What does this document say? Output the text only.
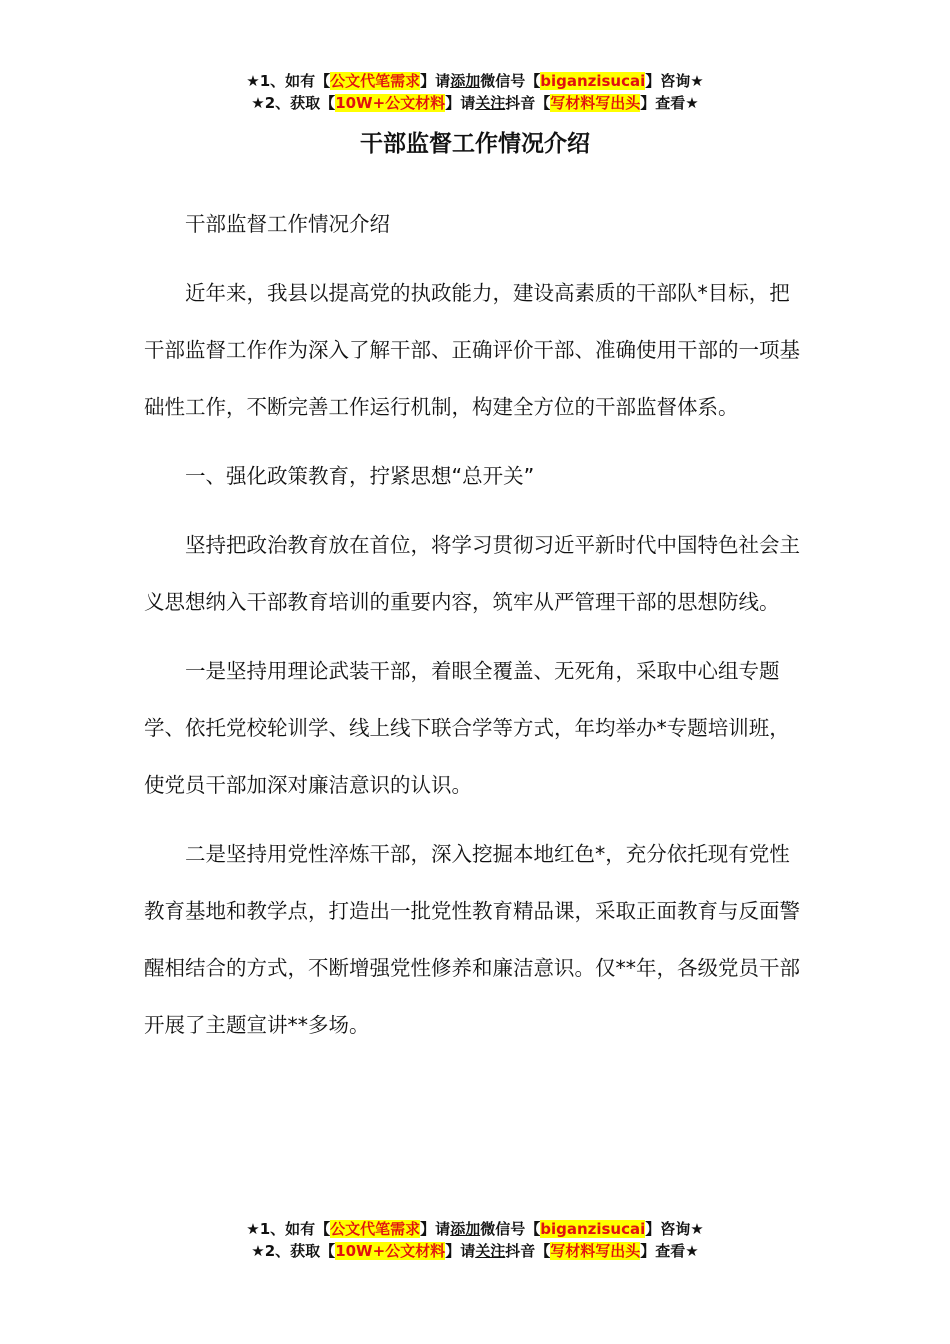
★1、如有【公文代笔需求】请添加微信号【biganzisucai】咨询★
★2、获取【10W+公文材料】请关注抖音【写材料写出头】查看★
干部监督工作情况介绍

干部监督工作情况介绍

近年来，我县以提高党的执政能力，建设高素质的干部队*目标，把干部监督工作作为深入了解干部、正确评价干部、准确使用干部的一项基础性工作，不断完善工作运行机制，构建全方位的干部监督体系。

一、强化政策教育，拧紧思想“总开关”

坚持把政治教育放在首位，将学习贯彻习近平新时代中国特色社会主义思想纳入干部教育培训的重要内容，筑牢从严管理干部的思想防线。

一是坚持用理论武装干部，着眼全覆盖、无死角，采取中心组专题学、依托党校轮训学、线上线下联合学等方式，年均举办*专题培训班，使党员干部加深对廉洁意识的认识。

二是坚持用党性淬炼干部，深入挖掘本地红色*，充分依托现有党性教育基地和教学点，打造出一批党性教育精品课，采取正面教育与反面警醒相结合的方式，不断增强党性修养和廉洁意识。仅**年，各级党员干部开展了主题宣讲**多场。

★1、如有【公文代笔需求】请添加微信号【biganzisucai】咨询★
★2、获取【10W+公文材料】请关注抖音【写材料写出头】查看★
